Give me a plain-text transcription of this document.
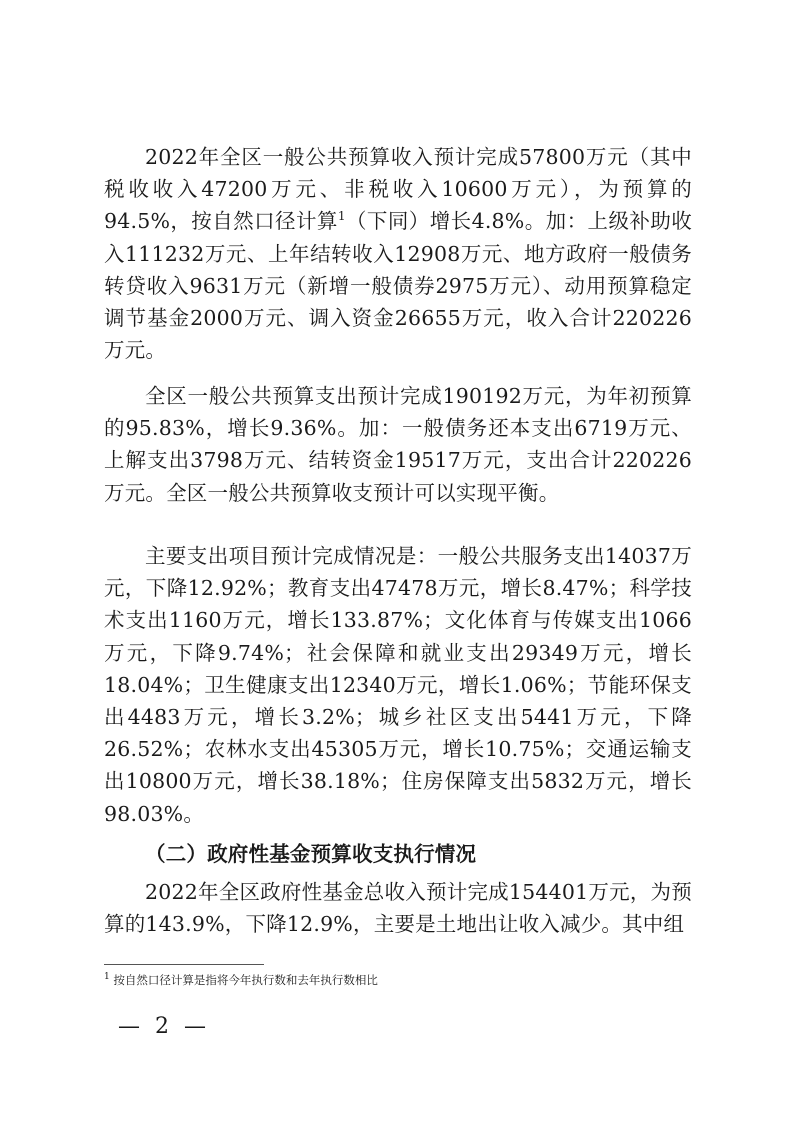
2022年全区一般公共预算收入预计完成57800万元（其中税收收入47200万元、非税收入10600万元），为预算的94.5%，按自然口径计算$^1$（下同）增长4.8%。加：上级补助收入111232万元、上年结转收入12908万元、地方政府一般债务转贷收入9631万元（新增一般债券2975万元）、动用预算稳定调节基金2000万元、调入资金26655万元，收入合计220226万元。

全区一般公共预算支出预计完成190192万元，为年初预算的95.83%，增长9.36%。加：一般债务还本支出6719万元、上解支出3798万元、结转资金19517万元，支出合计220226万元。全区一般公共预算收支预计可以实现平衡。

主要支出项目预计完成情况是：一般公共服务支出14037万元，下降12.92%；教育支出47478万元，增长8.47%；科学技术支出1160万元，增长133.87%；文化体育与传媒支出1066万元，下降9.74%；社会保障和就业支出29349万元，增长18.04%；卫生健康支出12340万元，增长1.06%；节能环保支出4483万元，增长3.2%；城乡社区支出5441万元，下降26.52%；农林水支出45305万元，增长10.75%；交通运输支出10800万元，增长38.18%；住房保障支出5832万元，增长98.03%。

（二）政府性基金预算收支执行情况

2022年全区政府性基金总收入预计完成154401万元，为预算的143.9%，下降12.9%，主要是土地出让收入减少。其中组

$^1$ 按自然口径计算是指将今年执行数和去年执行数相比
— 2 —
